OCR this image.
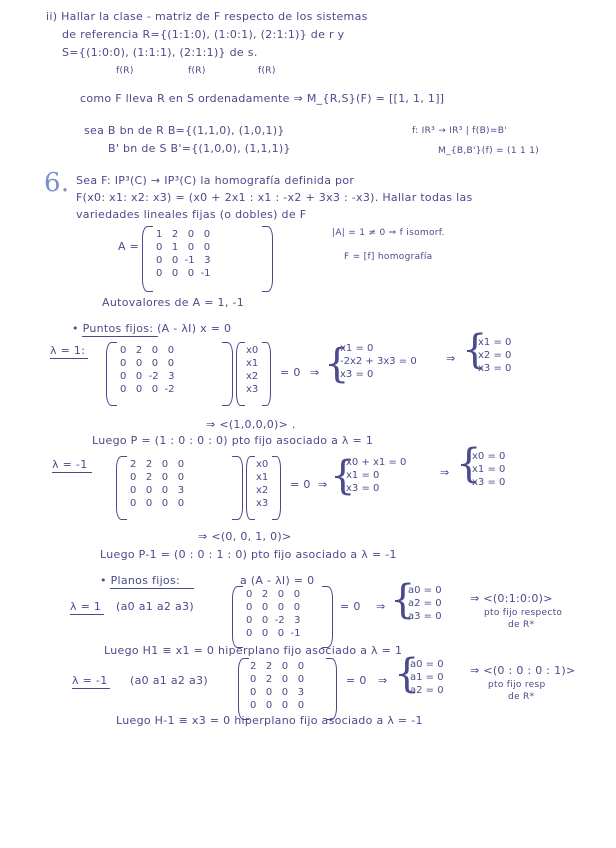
ii) Hallar la clase - matriz de F respecto de los sistemas
de referencia R={(1:1:0), (1:0:1), (2:1:1)} de r y
S={(1:0:0), (1:1:1), (2:1:1)} de s.
f(R)	f(R)	f(R)
como F lleva R en S ordenadamente ⇒ M_{R,S}(F) = [[1, 1, 1]]
sea B bn de R B={(1,1,0), (1,0,1)}	f: IR³ → IR³ | f(B)=B'
B' bn de S B'={(1,0,0), (1,1,1)}	M_{B,B'}(f) = (1 1 1)
6. Sea F: IP³(C) → IP³(C) la homografía definida por
F(x0: x1: x2: x3) = (x0 + 2x1 : x1 : -x2 + 3x3 : -x3). Hallar todas las
variedades lineales fijas (o dobles) de F
A =
1   2   0   0
0   1   0   0
0   0  -1   3
0   0   0  -1
|A| = 1 ≠ 0 ⇒ f isomorf.
F = [f] homografía
Autovalores de A = 1, -1
• Puntos fijos: (A - λI) x = 0
λ = 1:	0   2   0   0
0   0   0   0
0   0  -2   3
0   0   0  -2
x0
x1
x2
x3
= 0 ⇒ {
x1 = 0
-2x2 + 3x3 = 0
x3 = 0
⇒ {
x1 = 0
x2 = 0
x3 = 0
⇒ <(1,0,0,0)> .
Luego P = (1 : 0 : 0 : 0) pto fijo asociado a λ = 1
λ = -1	2   2   0   0
0   2   0   0
0   0   0   3
0   0   0   0
x0
x1
x2
x3
= 0 ⇒ {
x0 + x1 = 0
x1 = 0
x3 = 0
⇒ {
x0 = 0
x1 = 0
x3 = 0
⇒ <(0, 0, 1, 0)>
Luego P-1 = (0 : 0 : 1 : 0) pto fijo asociado a λ = -1
• Planos fijos:	a (A - λI) = 0
λ = 1 (a0 a1 a2 a3)
0   2   0   0
0   0   0   0
0   0  -2   3
0   0   0  -1
= 0 ⇒ {
a0 = 0
a2 = 0
a3 = 0
⇒ <(0:1:0:0)>
pto fijo respecto
de R*
Luego H1 ≡ x1 = 0 hiperplano fijo asociado a λ = 1
λ = -1 (a0 a1 a2 a3)
2   2   0   0
0   2   0   0
0   0   0   3
0   0   0   0
= 0 ⇒ {
a0 = 0
a1 = 0
a2 = 0
⇒ <(0 : 0 : 0 : 1)>
pto fijo resp
de R*
Luego H-1 ≡ x3 = 0 hiperplano fijo asociado a λ = -1
